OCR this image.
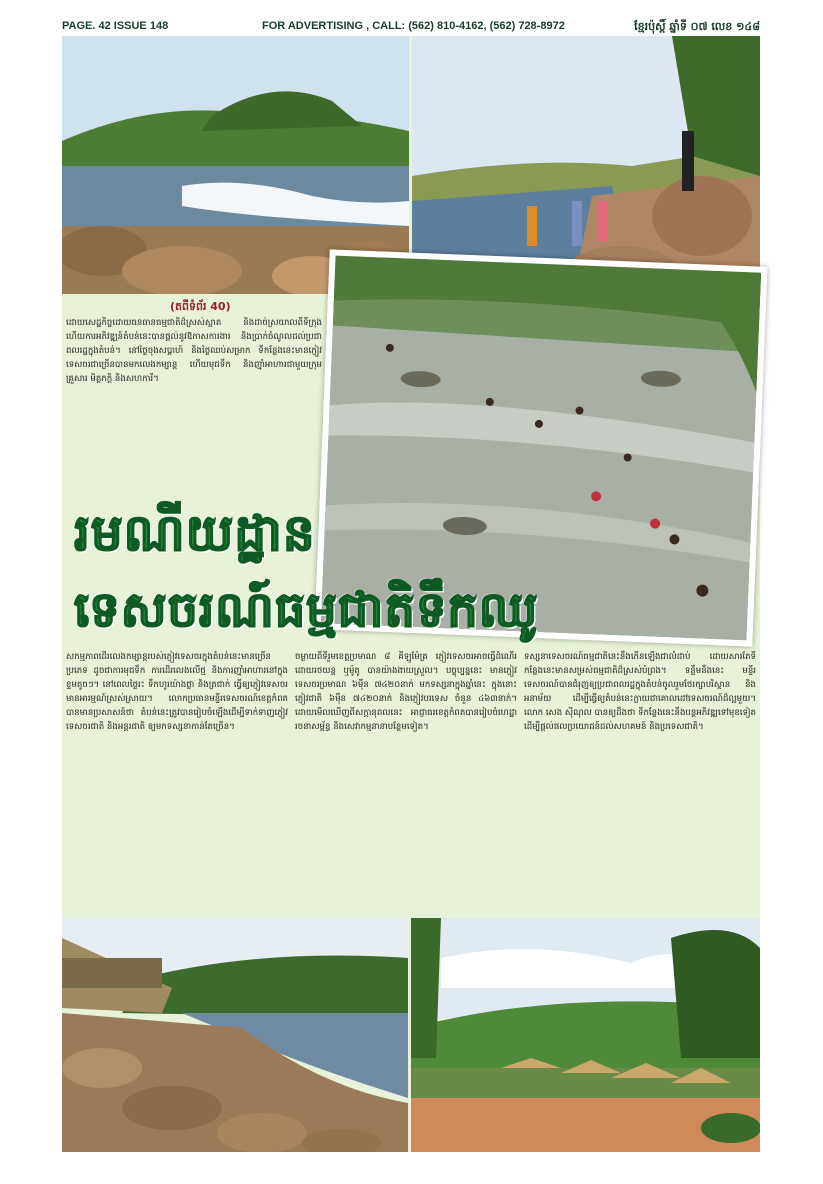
PAGE. 42 ISSUE 148	FOR ADVERTISING , CALL: (562) 810-4162, (562) 728-8972	ខ្មែរប៉ុស្តិ៍ ឆ្នាំទី ០៧ លេខ ១៤៨
(តពីទំព័រ 40)
ដោយសេដ្ឋកិច្ចដោយធនធានធម្មជាតិដ៏ស្រស់ស្អាត និងដាច់ស្រយាលពីទីក្រុង ហើយការអភិវឌ្ឍន៍តំបន់នេះបានផ្តល់នូវឱកាសការងារ និងប្រាក់ចំណូលដល់ប្រជាពលរដ្ឋក្នុងតំបន់។ នៅថ្ងៃចុងសប្តាហ៍ និងថ្ងៃឈប់សម្រាក ទីកន្លែងនេះមានភ្ញៀវទេសចរជាច្រើនបានមកលេងកម្សាន្ត ហើយមុជទឹក និងញ៉ាំអាហារជាមួយក្រុមគ្រួសារ មិត្តភក្តិ និងសហការី។
រមណីយដ្ឋាន
ទេសចរណ៍ធម្មជាតិទឹកឈូ
សកម្មភាពដើរលេងកម្សាន្តរបស់ភ្ញៀវទេសចរក្នុងតំបន់នេះមានច្រើនប្រភេទ ដូចជាការមុជទឹក ការដើរលេងលើថ្ម និងការញ៉ាំអាហារនៅក្នុងខ្ទមតូចៗ។ នៅពេលថ្ងៃរះ ទឹកហូរយ៉ាងថ្លា និងត្រជាក់ ធ្វើឲ្យភ្ញៀវទេសចរមានអារម្មណ៍ស្រស់ស្រាយ។ លោកប្រធានមន្ទីរទេសចរណ៍ខេត្តកំពតបានមានប្រសាសន៍ថា តំបន់នេះត្រូវបានរៀបចំឡើងដើម្បីទាក់ទាញភ្ញៀវទេសចរជាតិ និងអន្តរជាតិ ឲ្យមកទស្សនាកាន់តែច្រើន។
ចម្ងាយពីទីរួមខេត្តប្រមាណ ៨ គីឡូម៉ែត្រ ភ្ញៀវទេសចរអាចធ្វើដំណើរដោយរថយន្ត ឬម៉ូតូ បានយ៉ាងងាយស្រួល។ បច្ចុប្បន្ននេះ មានភ្ញៀវទេសចរប្រមាណ ៦ម៉ឺន ៧៤២០នាក់ មកទស្សនាក្នុងឆ្នាំនេះ ក្នុងនោះភ្ញៀវជាតិ ៦ម៉ឺន ៧៤២០នាក់ និងភ្ញៀវបរទេស ចំនួន ៤៦៣នាក់។ ដោយមើលឃើញពីសក្តានុពលនេះ អាជ្ញាធរខេត្តកំពតបានរៀបចំហេដ្ឋារចនាសម្ព័ន្ធ និងសេវាកម្មនានាបន្ថែមទៀត។
ទស្សនាទេសចរណ៍ធម្មជាតិនេះនឹងកើនឡើងជាលំដាប់ ដោយសារតែទីកន្លែងនេះមានសម្រស់ធម្មជាតិដ៏ស្រស់បំព្រង។ ទន្ទឹមនឹងនេះ មន្ទីរទេសចរណ៍បានជំរុញឲ្យប្រជាពលរដ្ឋក្នុងតំបន់ចូលរួមថែរក្សាបរិស្ថាន និងអនាម័យ ដើម្បីធ្វើឲ្យតំបន់នេះក្លាយជាគោលដៅទេសចរណ៍ដ៏ល្អមួយ។ លោក សេង ស៊ីណុល បានឲ្យដឹងថា ទីកន្លែងនេះនឹងបន្តអភិវឌ្ឍទៅមុខទៀត ដើម្បីផ្តល់ផលប្រយោជន៍ដល់សហគមន៍ និងប្រទេសជាតិ។
